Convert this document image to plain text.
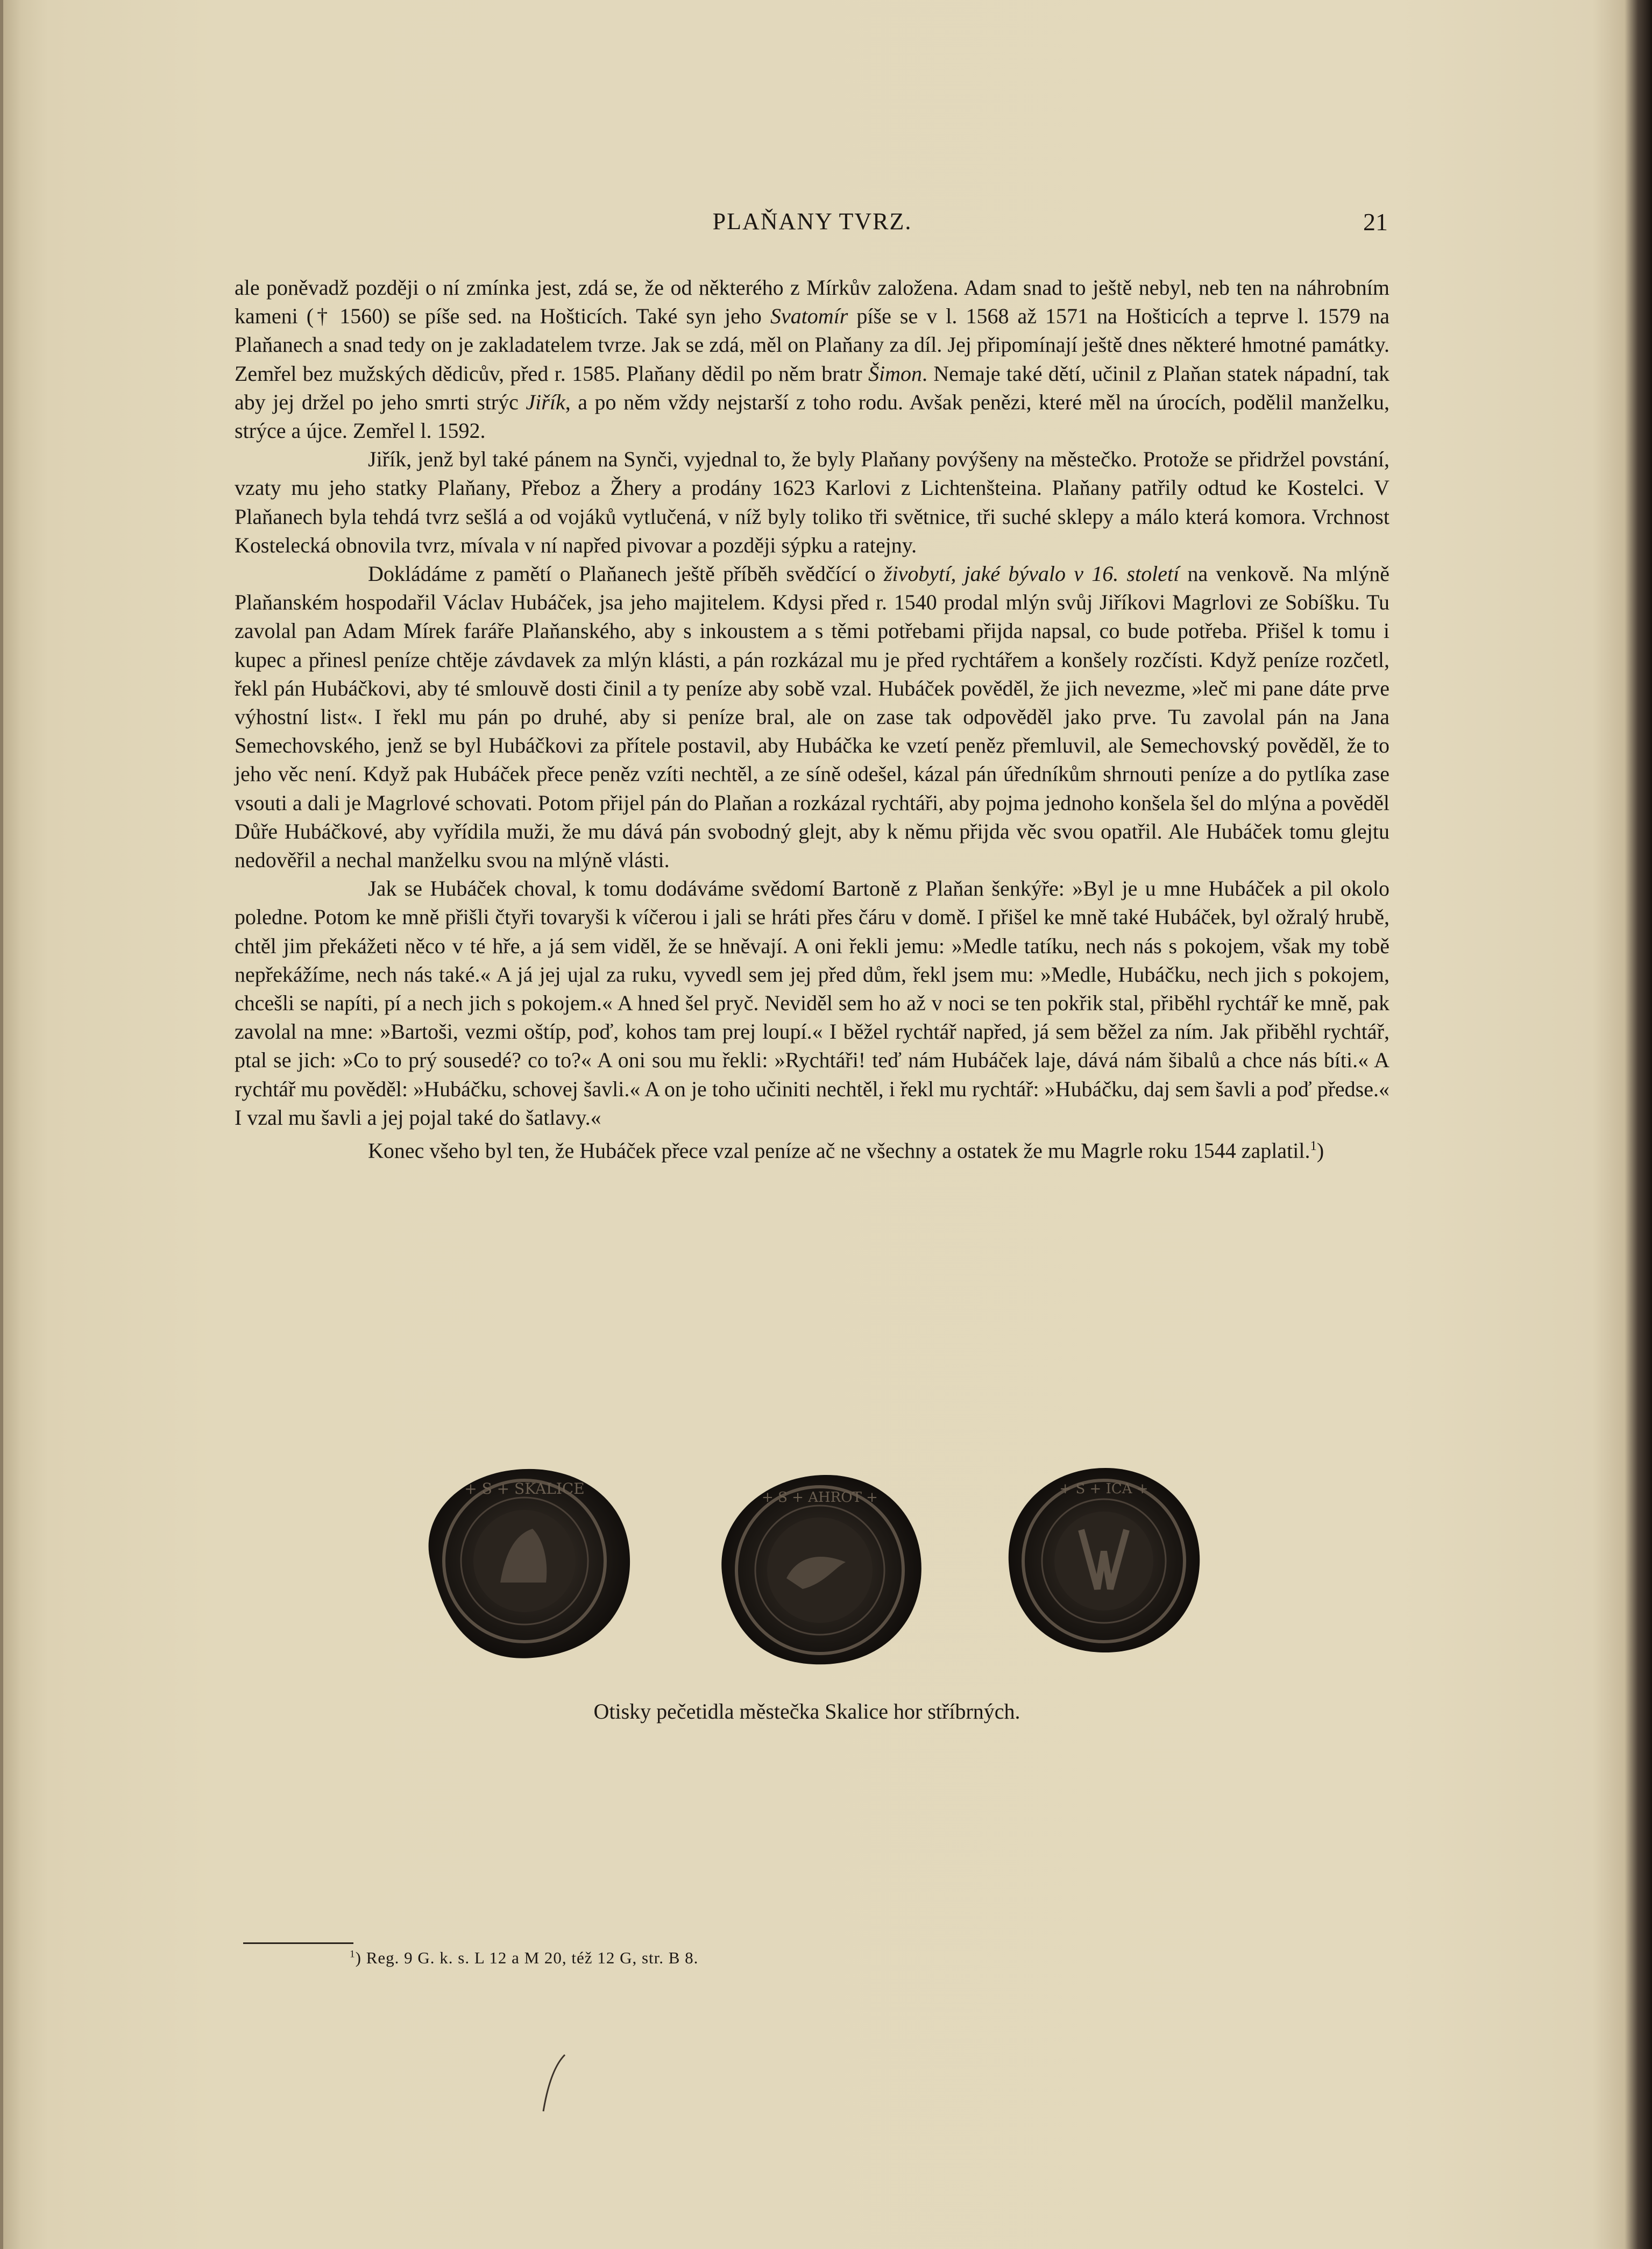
PLAŇANY TVRZ.	21

ale poněvadž později o ní zmínka jest, zdá se, že od některého z Mírkův založena. Adam snad to ještě nebyl, neb ten na náhrobním kameni († 1560) se píše sed. na Hošticích. Také syn jeho Svatomír píše se v l. 1568 až 1571 na Hošticích a teprve l. 1579 na Plaňanech a snad tedy on je zakladatelem tvrze. Jak se zdá, měl on Plaňany za díl. Jej připomínají ještě dnes některé hmotné památky. Zemřel bez mužských dědicův, před r. 1585. Plaňany dědil po něm bratr Šimon. Nemaje také dětí, učinil z Plaňan statek nápadní, tak aby jej držel po jeho smrti strýc Jiřík, a po něm vždy nejstarší z toho rodu. Avšak penězi, které měl na úrocích, podělil manželku, strýce a újce. Zemřel l. 1592.

Jiřík, jenž byl také pánem na Synči, vyjednal to, že byly Plaňany povýšeny na městečko. Protože se přidržel povstání, vzaty mu jeho statky Plaňany, Přeboz a Žhery a prodány 1623 Karlovi z Lichtenšteina. Plaňany patřily odtud ke Kostelci. V Plaňanech byla tehdá tvrz sešlá a od vojáků vytlučená, v níž byly toliko tři světnice, tři suché sklepy a málo která komora. Vrchnost Kostelecká obnovila tvrz, mívala v ní napřed pivovar a později sýpku a ratejny.

Dokládáme z pamětí o Plaňanech ještě příběh svědčící o živobytí, jaké bývalo v 16. století na venkově. Na mlýně Plaňanském hospodařil Václav Hubáček, jsa jeho majitelem. Kdysi před r. 1540 prodal mlýn svůj Jiříkovi Magrlovi ze Sobíšku. Tu zavolal pan Adam Mírek faráře Plaňanského, aby s inkoustem a s těmi potřebami přijda napsal, co bude potřeba. Přišel k tomu i kupec a přinesl peníze chtěje závdavek za mlýn klásti, a pán rozkázal mu je před rychtářem a konšely rozčísti. Když peníze rozčetl, řekl pán Hubáčkovi, aby té smlouvě dosti činil a ty peníze aby sobě vzal. Hubáček pověděl, že jich nevezme, »leč mi pane dáte prve výhostní list«. I řekl mu pán po druhé, aby si peníze bral, ale on zase tak odpověděl jako prve. Tu zavolal pán na Jana Semechovského, jenž se byl Hubáčkovi za přítele postavil, aby Hubáčka ke vzetí peněz přemluvil, ale Semechovský pověděl, že to jeho věc není. Když pak Hubáček přece peněz vzíti nechtěl, a ze síně odešel, kázal pán úředníkům shrnouti peníze a do pytlíka zase vsouti a dali je Magrlové schovati. Potom přijel pán do Plaňan a rozkázal rychtáři, aby pojma jednoho konšela šel do mlýna a pověděl Důře Hubáčkové, aby vyřídila muži, že mu dává pán svobodný glejt, aby k němu přijda věc svou opatřil. Ale Hubáček tomu glejtu nedověřil a nechal manželku svou na mlýně vlásti.

Jak se Hubáček choval, k tomu dodáváme svědomí Bartoně z Plaňan šenkýře: »Byl je u mne Hubáček a pil okolo poledne. Potom ke mně přišli čtyři tovaryši k víčerou i jali se hráti přes čáru v domě. I přišel ke mně také Hubáček, byl ožralý hrubě, chtěl jim překážeti něco v té hře, a já sem viděl, že se hněvají. A oni řekli jemu: »Medle tatíku, nech nás s pokojem, však my tobě nepřekážíme, nech nás také.« A já jej ujal za ruku, vyvedl sem jej před dům, řekl jsem mu: »Medle, Hubáčku, nech jich s pokojem, chcešli se napíti, pí a nech jich s pokojem.« A hned šel pryč. Neviděl sem ho až v noci se ten pokřik stal, přiběhl rychtář ke mně, pak zavolal na mne: »Bartoši, vezmi oštíp, poď, kohos tam prej loupí.« I běžel rychtář napřed, já sem běžel za ním. Jak přiběhl rychtář, ptal se jich: »Co to prý sousedé? co to?« A oni sou mu řekli: »Rychtáři! teď nám Hubáček laje, dává nám šibalů a chce nás bíti.« A rychtář mu pověděl: »Hubáčku, schovej šavli.« A on je toho učiniti nechtěl, i řekl mu rychtář: »Hubáčku, daj sem šavli a poď předse.« I vzal mu šavli a jej pojal také do šatlavy.«

Konec všeho byl ten, že Hubáček přece vzal peníze ač ne všechny a ostatek že mu Magrle roku 1544 zaplatil.$^1$)

+ S + SKALICE	+ S + AHROT +
+ S + ICA +
Otisky pečetidla městečka Skalice hor stříbrných.
$^1$) Reg. 9 G. k. s. L 12 a M 20, též 12 G, str. B 8.
